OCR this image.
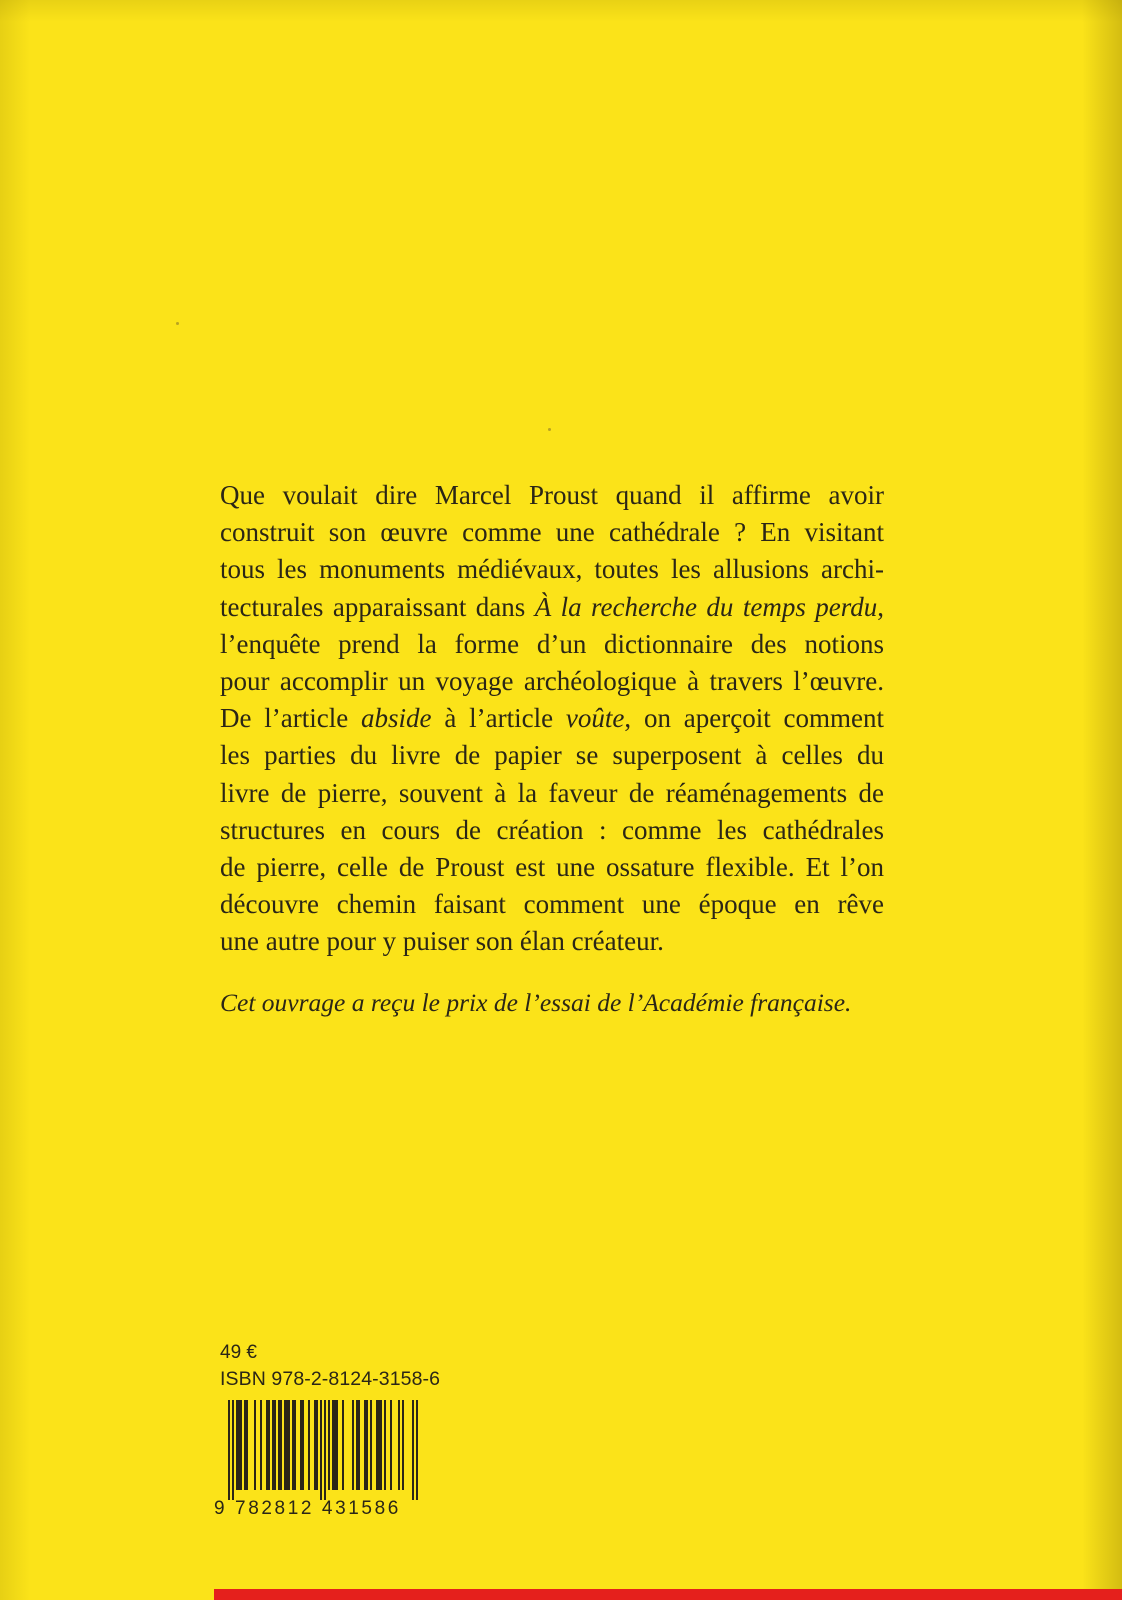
Que voulait dire Marcel Proust quand il affirme avoir
construit son œuvre comme une cathédrale ? En visitant
tous les monuments médiévaux, toutes les allusions archi-
tecturales apparaissant dans À la recherche du temps perdu,
l’enquête prend la forme d’un dictionnaire des notions
pour accomplir un voyage archéologique à travers l’œuvre.
De l’article abside à l’article voûte, on aperçoit comment
les parties du livre de papier se superposent à celles du
livre de pierre, souvent à la faveur de réaménagements de
structures en cours de création : comme les cathédrales
de pierre, celle de Proust est une ossature flexible. Et l’on
découvre chemin faisant comment une époque en rêve
une autre pour y puiser son élan créateur.

Cet ouvrage a reçu le prix de l’essai de l’Académie française.

49 €
ISBN 978-2-8124-3158-6
9 782812 431586
